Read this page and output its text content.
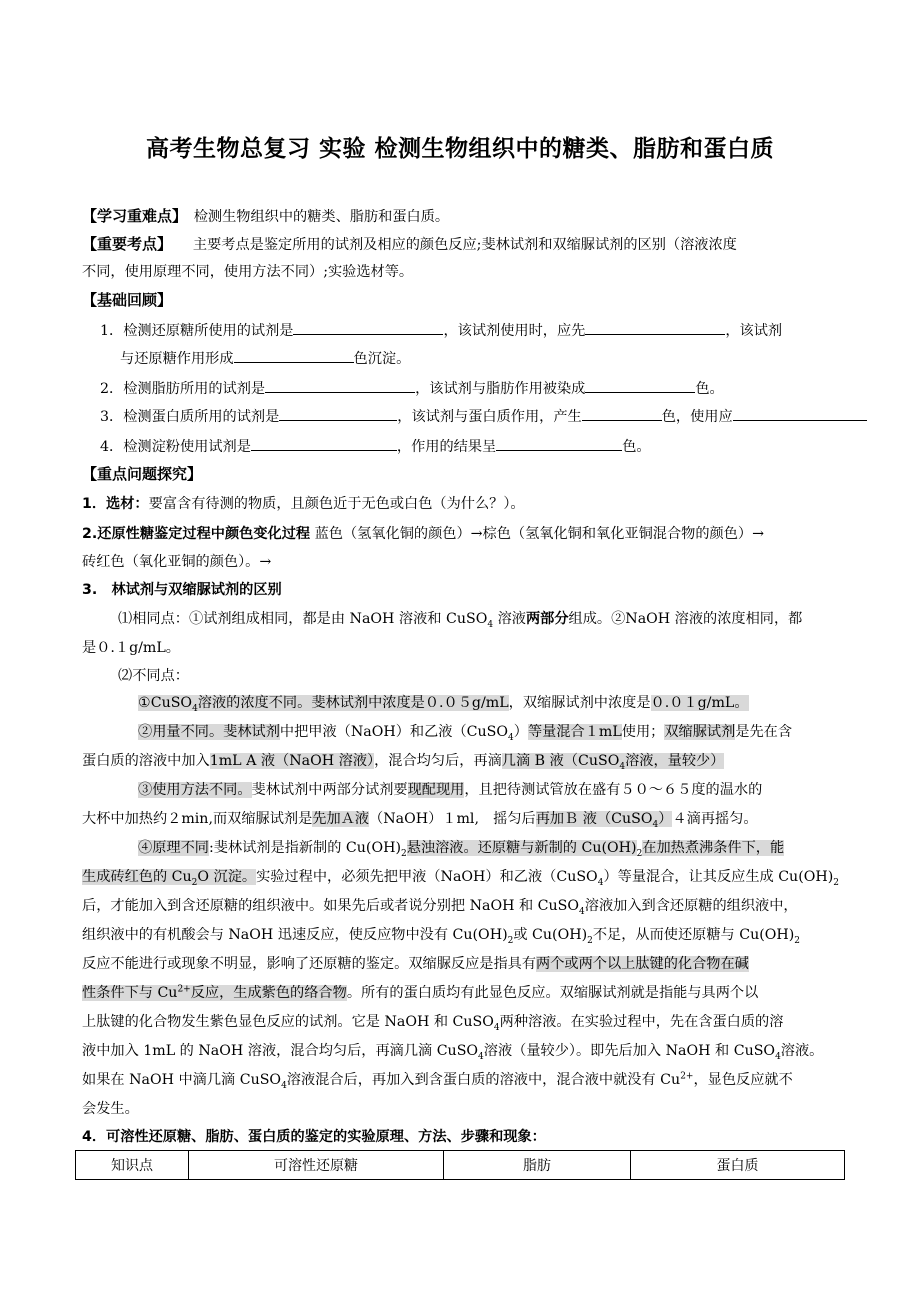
高考生物总复习 实验 检测生物组织中的糖类、脂肪和蛋白质
【学习重难点】　 检测生物组织中的糖类、脂肪和蛋白质。
【重要考点】　　 主要考点是鉴定所用的试剂及相应的颜色反应;斐林试剂和双缩脲试剂的区别（溶液浓度
不同，使用原理不同，使用方法不同）;实验选材等。
【基础回顾】
1．检测还原糖所使用的试剂是	，该试剂使用时，应先	，该试剂
与还原糖作用形成	色沉淀。
2．检测脂肪所用的试剂是	，该试剂与脂肪作用被染成	色。
3．检测蛋白质所用的试剂是	，该试剂与蛋白质作用，产生	色，使用应
4．检测淀粉使用试剂是	，作用的结果呈	色。
【重点问题探究】
1．选材：要富含有待测的物质，且颜色近于无色或白色（为什么？）。
2.还原性糖鉴定过程中颜色变化过程 蓝色（氢氧化铜的颜色）→棕色（氢氧化铜和氧化亚铜混合物的颜色）→
砖红色（氧化亚铜的颜色）。→
3.　林试剂与双缩脲试剂的区别
⑴相同点：①试剂组成相同，都是由 NaOH 溶液和 CuSO$_4$ 溶液两部分组成。②NaOH 溶液的浓度相同，都
是０.１g/mL。
⑵不同点：
①CuSO$_4$溶液的浓度不同。斐林试剂中浓度是０.０５g/mL，双缩脲试剂中浓度是０.０１g/mL。
②用量不同。斐林试剂中把甲液（NaOH）和乙液（CuSO$_4$）等量混合１mL使用；双缩脲试剂是先在含
蛋白质的溶液中加入1mL A 液（NaOH 溶液），混合均匀后，再滴几滴 B 液（CuSO$_4$溶液，量较少）
③使用方法不同。斐林试剂中两部分试剂要现配现用，且把待测试管放在盛有５０～６５度的温水的
大杯中加热约２min,而双缩脲试剂是先加Ａ液（NaOH）１ml,　摇匀后再加Ｂ 液（CuSO$_4$）４滴再摇匀。
④原理不同:斐林试剂是指新制的 $Cu(OH)_2$悬浊溶液。还原糖与新制的 $Cu(OH)_2$在加热煮沸条件下，能
生成砖红色的 $Cu_2O$ 沉淀。实验过程中，必须先把甲液（NaOH）和乙液（CuSO$_4$）等量混合，让其反应生成 $Cu(OH)_2$
后，才能加入到含还原糖的组织液中。如果先后或者说分别把 NaOH 和 CuSO$_4$溶液加入到含还原糖的组织液中，
组织液中的有机酸会与 NaOH 迅速反应，使反应物中没有 $Cu(OH)_2$或 $Cu(OH)_2$不足，从而使还原糖与 $Cu(OH)_2$
反应不能进行或现象不明显，影响了还原糖的鉴定。双缩脲反应是指具有两个或两个以上肽键的化合物在碱
性条件下与 $Cu^{2+}$反应，生成紫色的络合物。所有的蛋白质均有此显色反应。双缩脲试剂就是指能与具两个以
上肽键的化合物发生紫色显色反应的试剂。它是 NaOH 和 CuSO$_4$两种溶液。在实验过程中，先在含蛋白质的溶
液中加入 1mL 的 NaOH 溶液，混合均匀后，再滴几滴 CuSO$_4$溶液（量较少）。即先后加入 NaOH 和 CuSO$_4$溶液。
如果在 NaOH 中滴几滴 CuSO$_4$溶液混合后，再加入到含蛋白质的溶液中，混合液中就没有 $Cu^{2+}$，显色反应就不
会发生。
4．可溶性还原糖、脂肪、蛋白质的鉴定的实验原理、方法、步骤和现象：
知识点	可溶性还原糖	脂肪	蛋白质
